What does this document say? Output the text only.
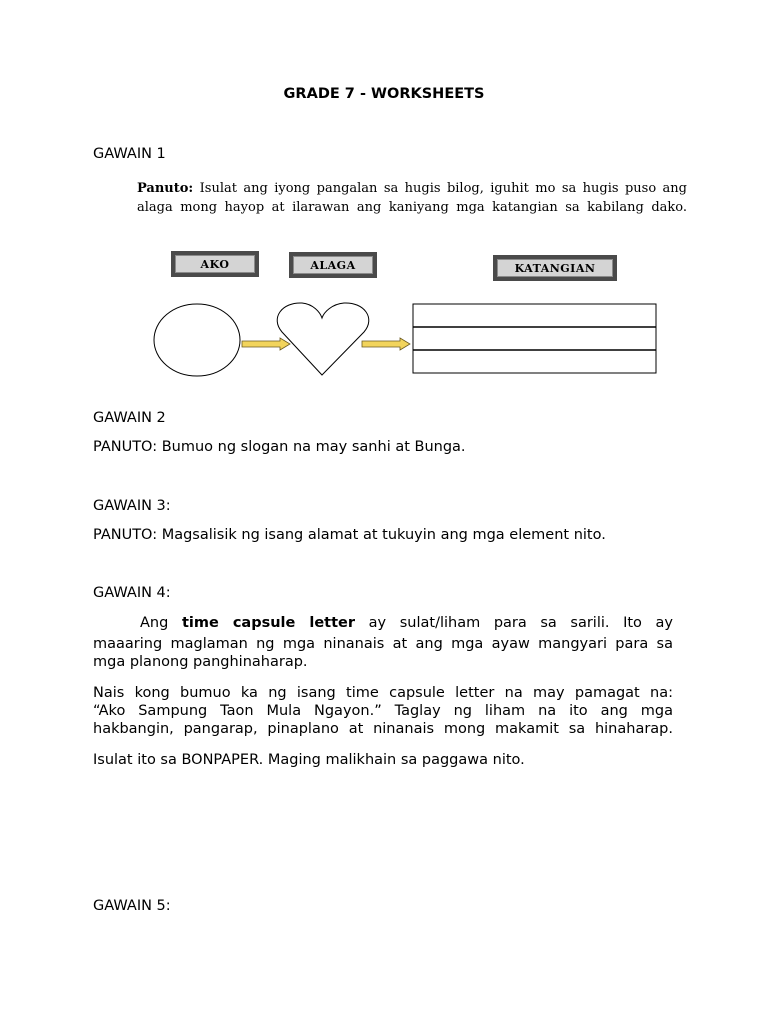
GRADE 7 - WORKSHEETS
GAWAIN 1
Panuto: Isulat ang iyong pangalan sa hugis bilog, iguhit mo sa hugis puso ang
alaga mong hayop at ilarawan ang kaniyang mga katangian sa kabilang dako.
AKO	ALAGA	KATANGIAN
GAWAIN 2
PANUTO: Bumuo ng slogan na may sanhi at Bunga.
GAWAIN 3:
PANUTO: Magsalisik ng isang alamat at tukuyin ang mga element nito.
GAWAIN 4:
Ang time capsule letter ay sulat/liham para sa sarili. Ito ay
maaaring maglaman ng mga ninanais at ang mga ayaw mangyari para sa
mga planong panghinaharap.
Nais kong bumuo ka ng isang time capsule letter na may pamagat na:
“Ako Sampung Taon Mula Ngayon.” Taglay ng liham na ito ang mga
hakbangin, pangarap, pinaplano at ninanais mong makamit sa hinaharap.
Isulat ito sa BONPAPER. Maging malikhain sa paggawa nito.
GAWAIN 5:
